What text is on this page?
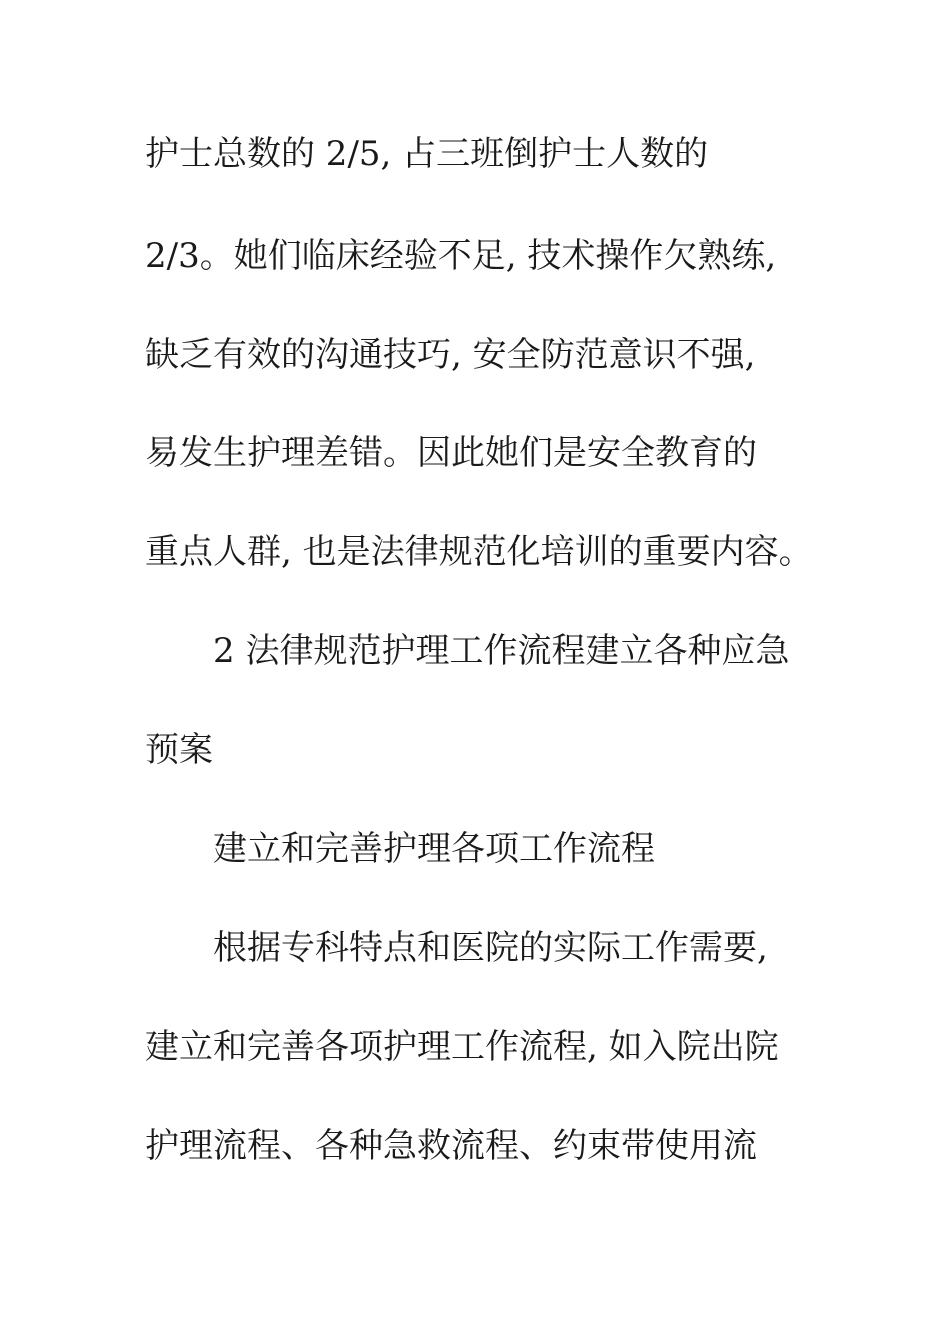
护士总数的 2/5, 占三班倒护士人数的
2/3。她们临床经验不足, 技术操作欠熟练,
缺乏有效的沟通技巧, 安全防范意识不强,
易发生护理差错。因此她们是安全教育的
重点人群, 也是法律规范化培训的重要内容。
2 法律规范护理工作流程建立各种应急
预案
建立和完善护理各项工作流程
根据专科特点和医院的实际工作需要,
建立和完善各项护理工作流程, 如入院出院
护理流程、各种急救流程、约束带使用流
